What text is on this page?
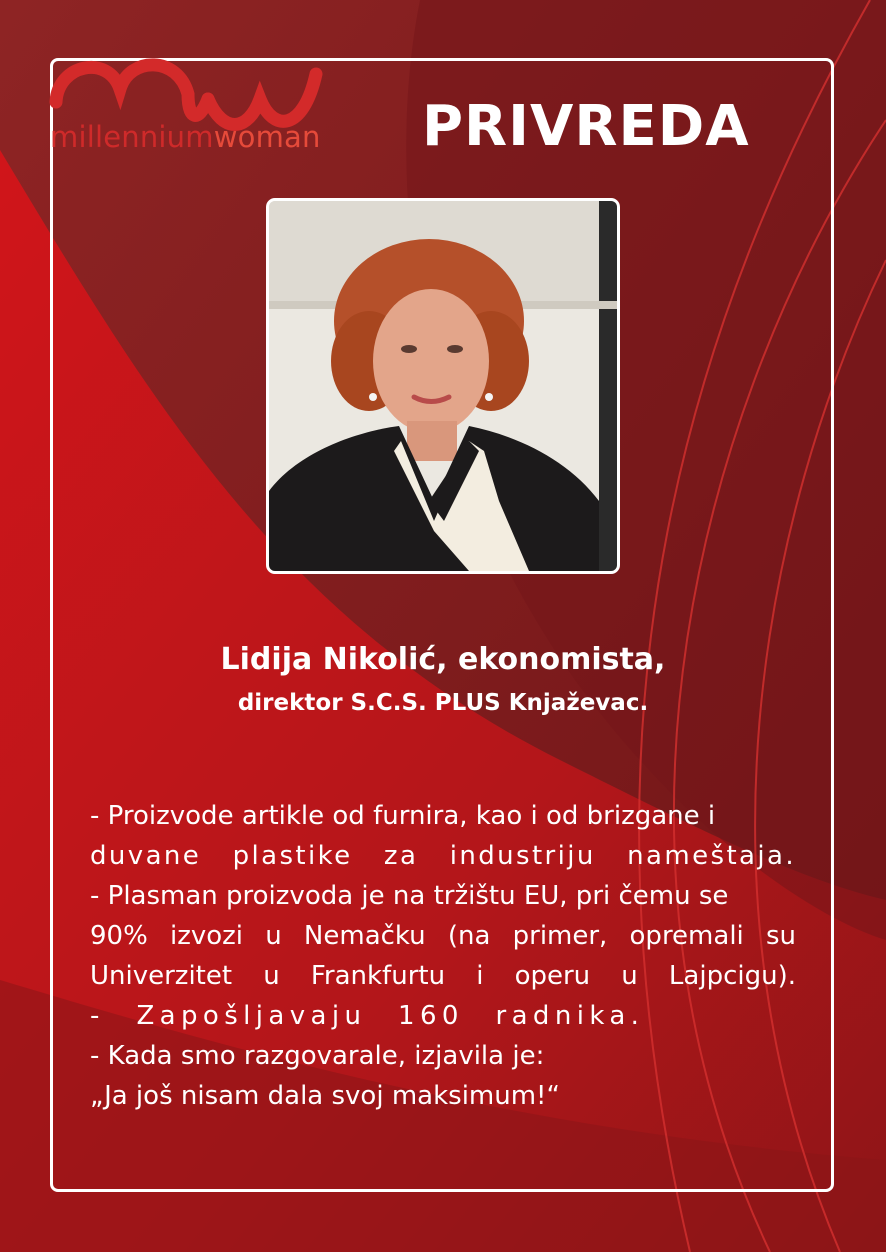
millenniumwoman PRIVREDA
Lidija Nikolić, ekonomista,
direktor S.C.S. PLUS Knjaževac.
- Proizvode artikle od furnira, kao i od brizgane i
duvane plastike za industriju nameštaja.
- Plasman proizvoda je na tržištu EU, pri čemu se
90% izvozi u Nemačku (na primer, opremali su
Univerzitet u Frankfurtu i operu u Lajpcigu).
- Zapošljavaju 160 radnika.
- Kada smo razgovarale, izjavila je:
„Ja još nisam dala svoj maksimum!“
